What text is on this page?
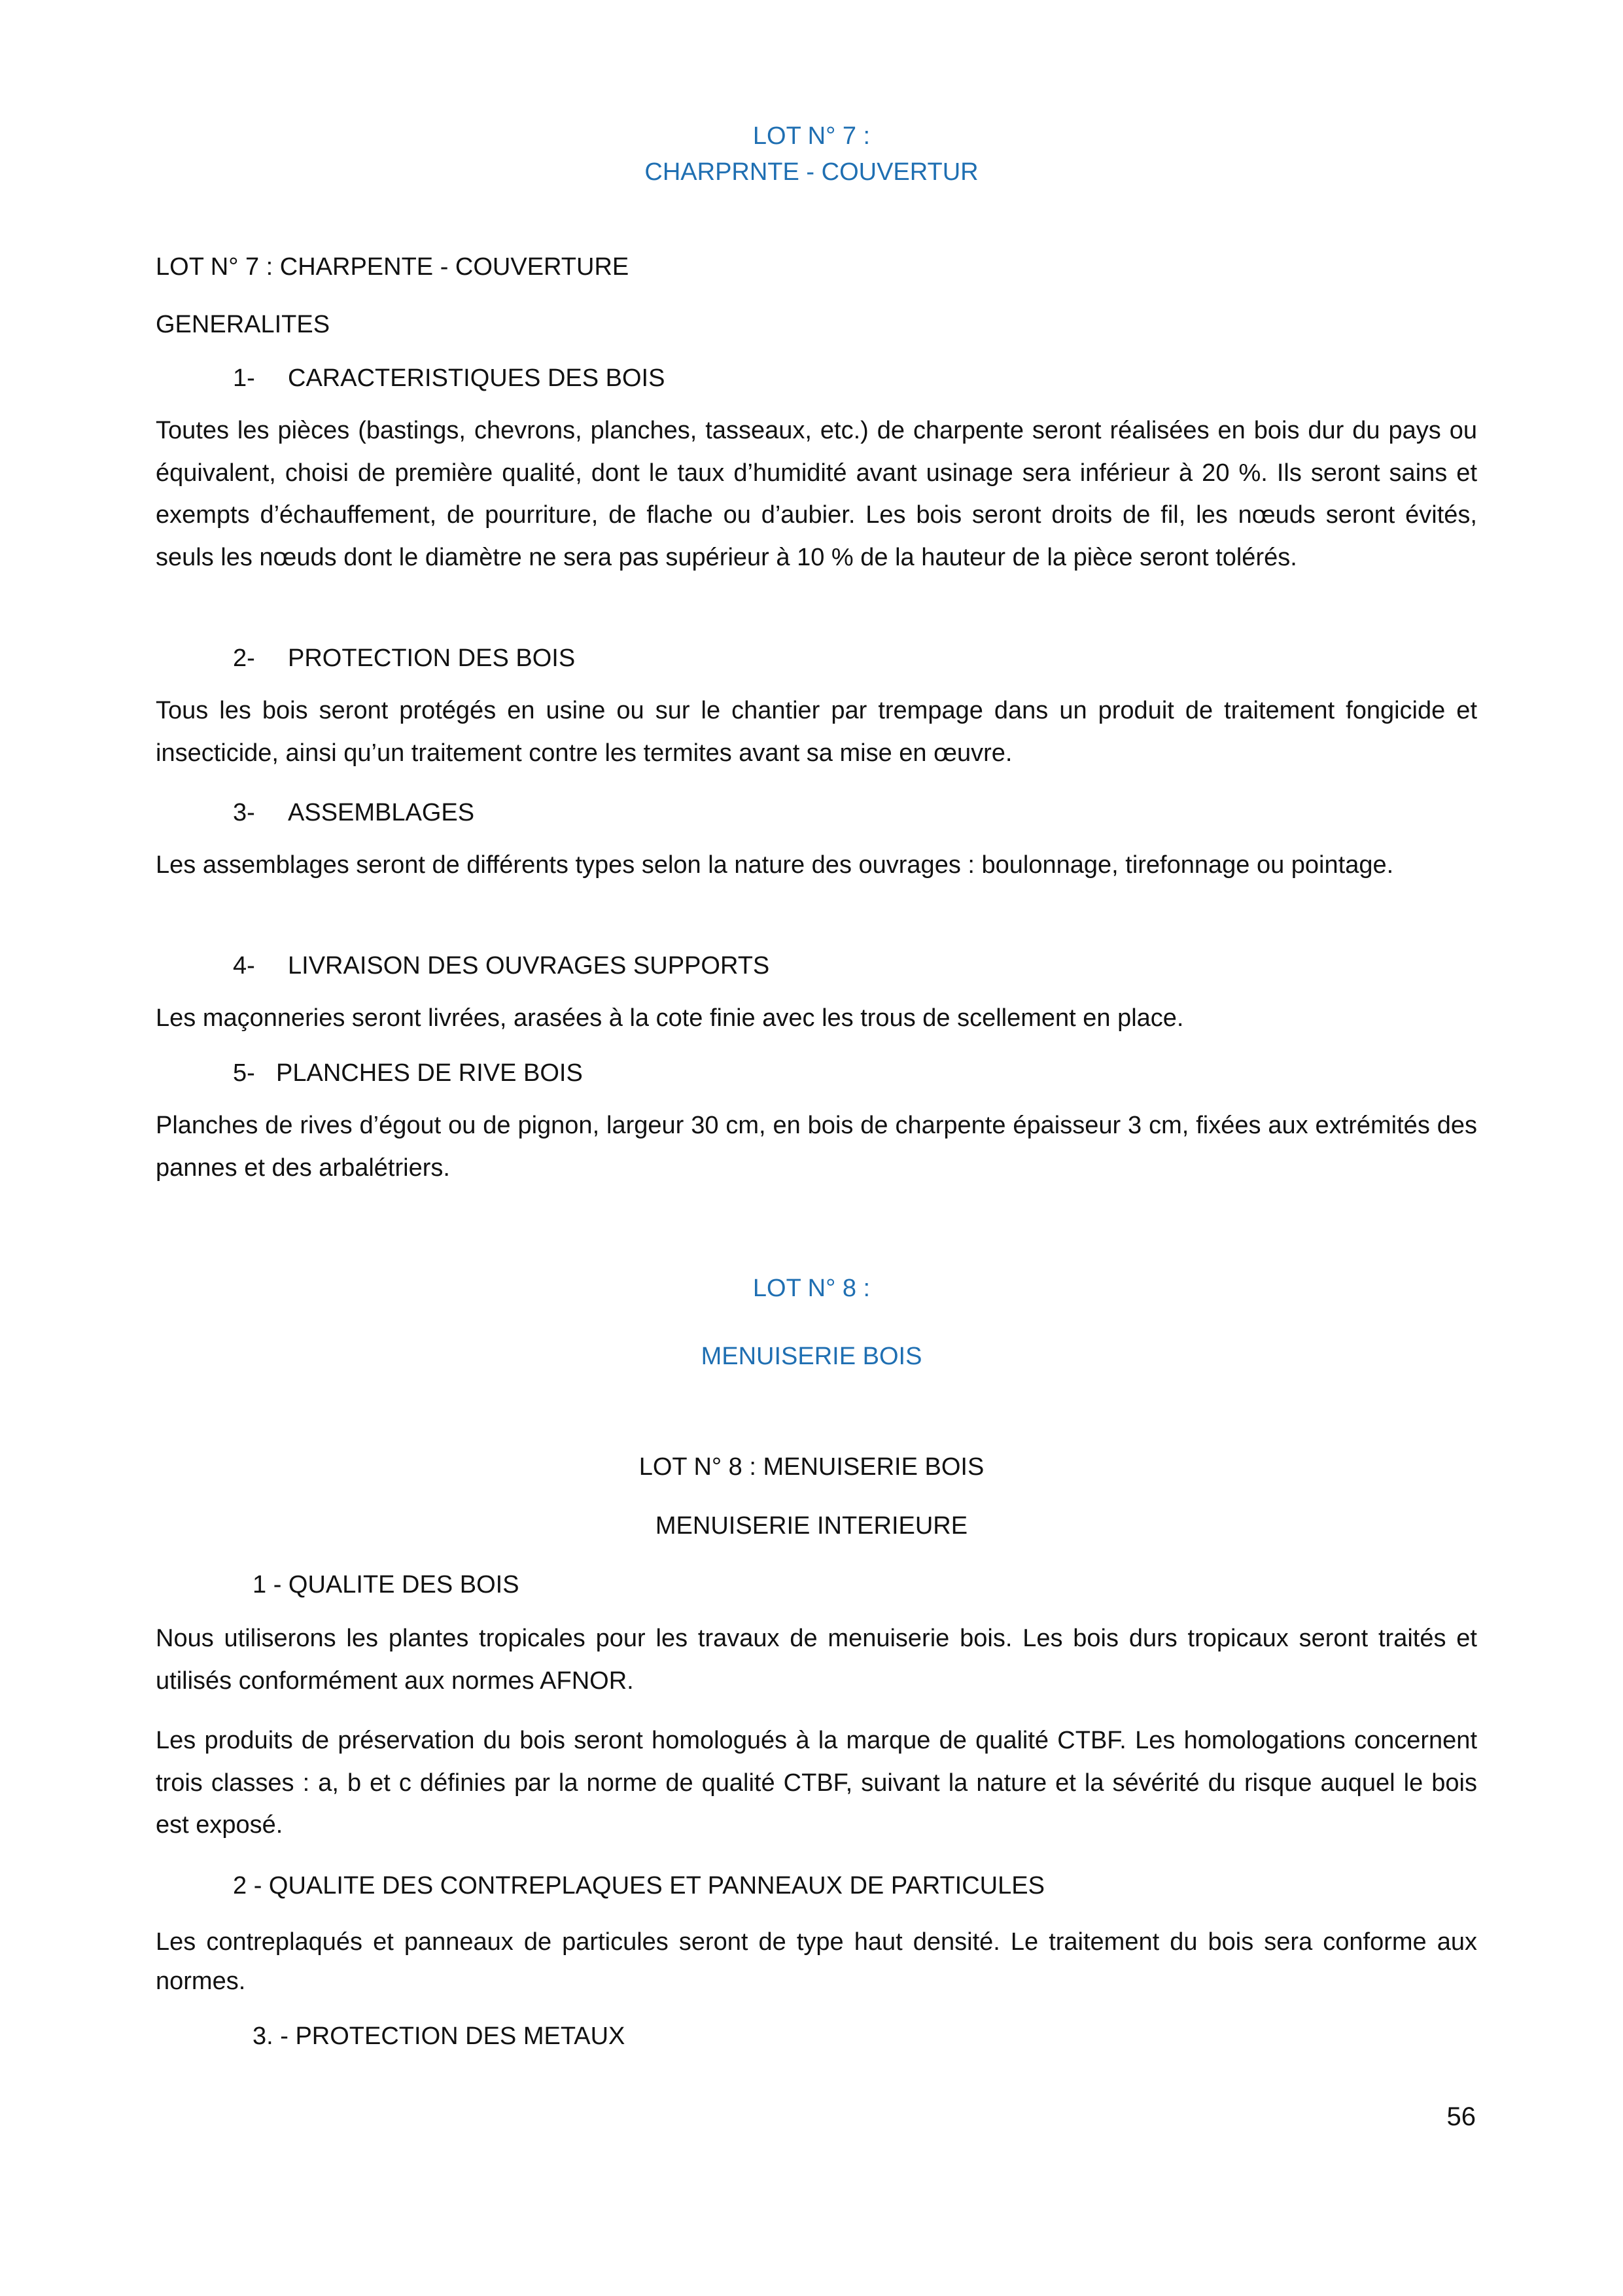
LOT N° 7 :
CHARPRNTE - COUVERTUR
LOT N° 7 : CHARPENTE - COUVERTURE
GENERALITES
1- CARACTERISTIQUES DES BOIS

Toutes les pièces (bastings, chevrons, planches, tasseaux, etc.) de charpente seront réalisées en bois dur du pays ou équivalent, choisi de première qualité, dont le taux d’humidité avant usinage sera inférieur à 20 %. Ils seront sains et exempts d’échauffement, de pourriture, de flache ou d’aubier. Les bois seront droits de fil, les nœuds seront évités, seuls les nœuds dont le diamètre ne sera pas supérieur à 10 % de la hauteur de la pièce seront tolérés.

2- PROTECTION DES BOIS

Tous les bois seront protégés en usine ou sur le chantier par trempage dans un produit de traitement fongicide et insecticide, ainsi qu’un traitement contre les termites avant sa mise en œuvre.

3- ASSEMBLAGES

Les assemblages seront de différents types selon la nature des ouvrages : boulonnage, tirefonnage ou pointage.

4- LIVRAISON DES OUVRAGES SUPPORTS

Les maçonneries seront livrées, arasées à la cote finie avec les trous de scellement en place.

5- PLANCHES DE RIVE BOIS

Planches de rives d’égout ou de pignon, largeur 30 cm, en bois de charpente épaisseur 3 cm, fixées aux extrémités des pannes et des arbalétriers.

LOT N° 8 :
MENUISERIE BOIS
LOT N° 8 : MENUISERIE BOIS
MENUISERIE INTERIEURE
1 - QUALITE DES BOIS

Nous utiliserons les plantes tropicales pour les travaux de menuiserie bois. Les bois durs tropicaux seront traités et utilisés conformément aux normes AFNOR.

Les produits de préservation du bois seront homologués à la marque de qualité CTBF. Les homologations concernent trois classes : a, b et c définies par la norme de qualité CTBF, suivant la nature et la sévérité du risque auquel le bois est exposé.

2 - QUALITE DES CONTREPLAQUES ET PANNEAUX DE PARTICULES

Les contreplaqués et panneaux de particules seront de type haut densité. Le traitement du bois sera conforme aux normes.

3. - PROTECTION DES METAUX
56
